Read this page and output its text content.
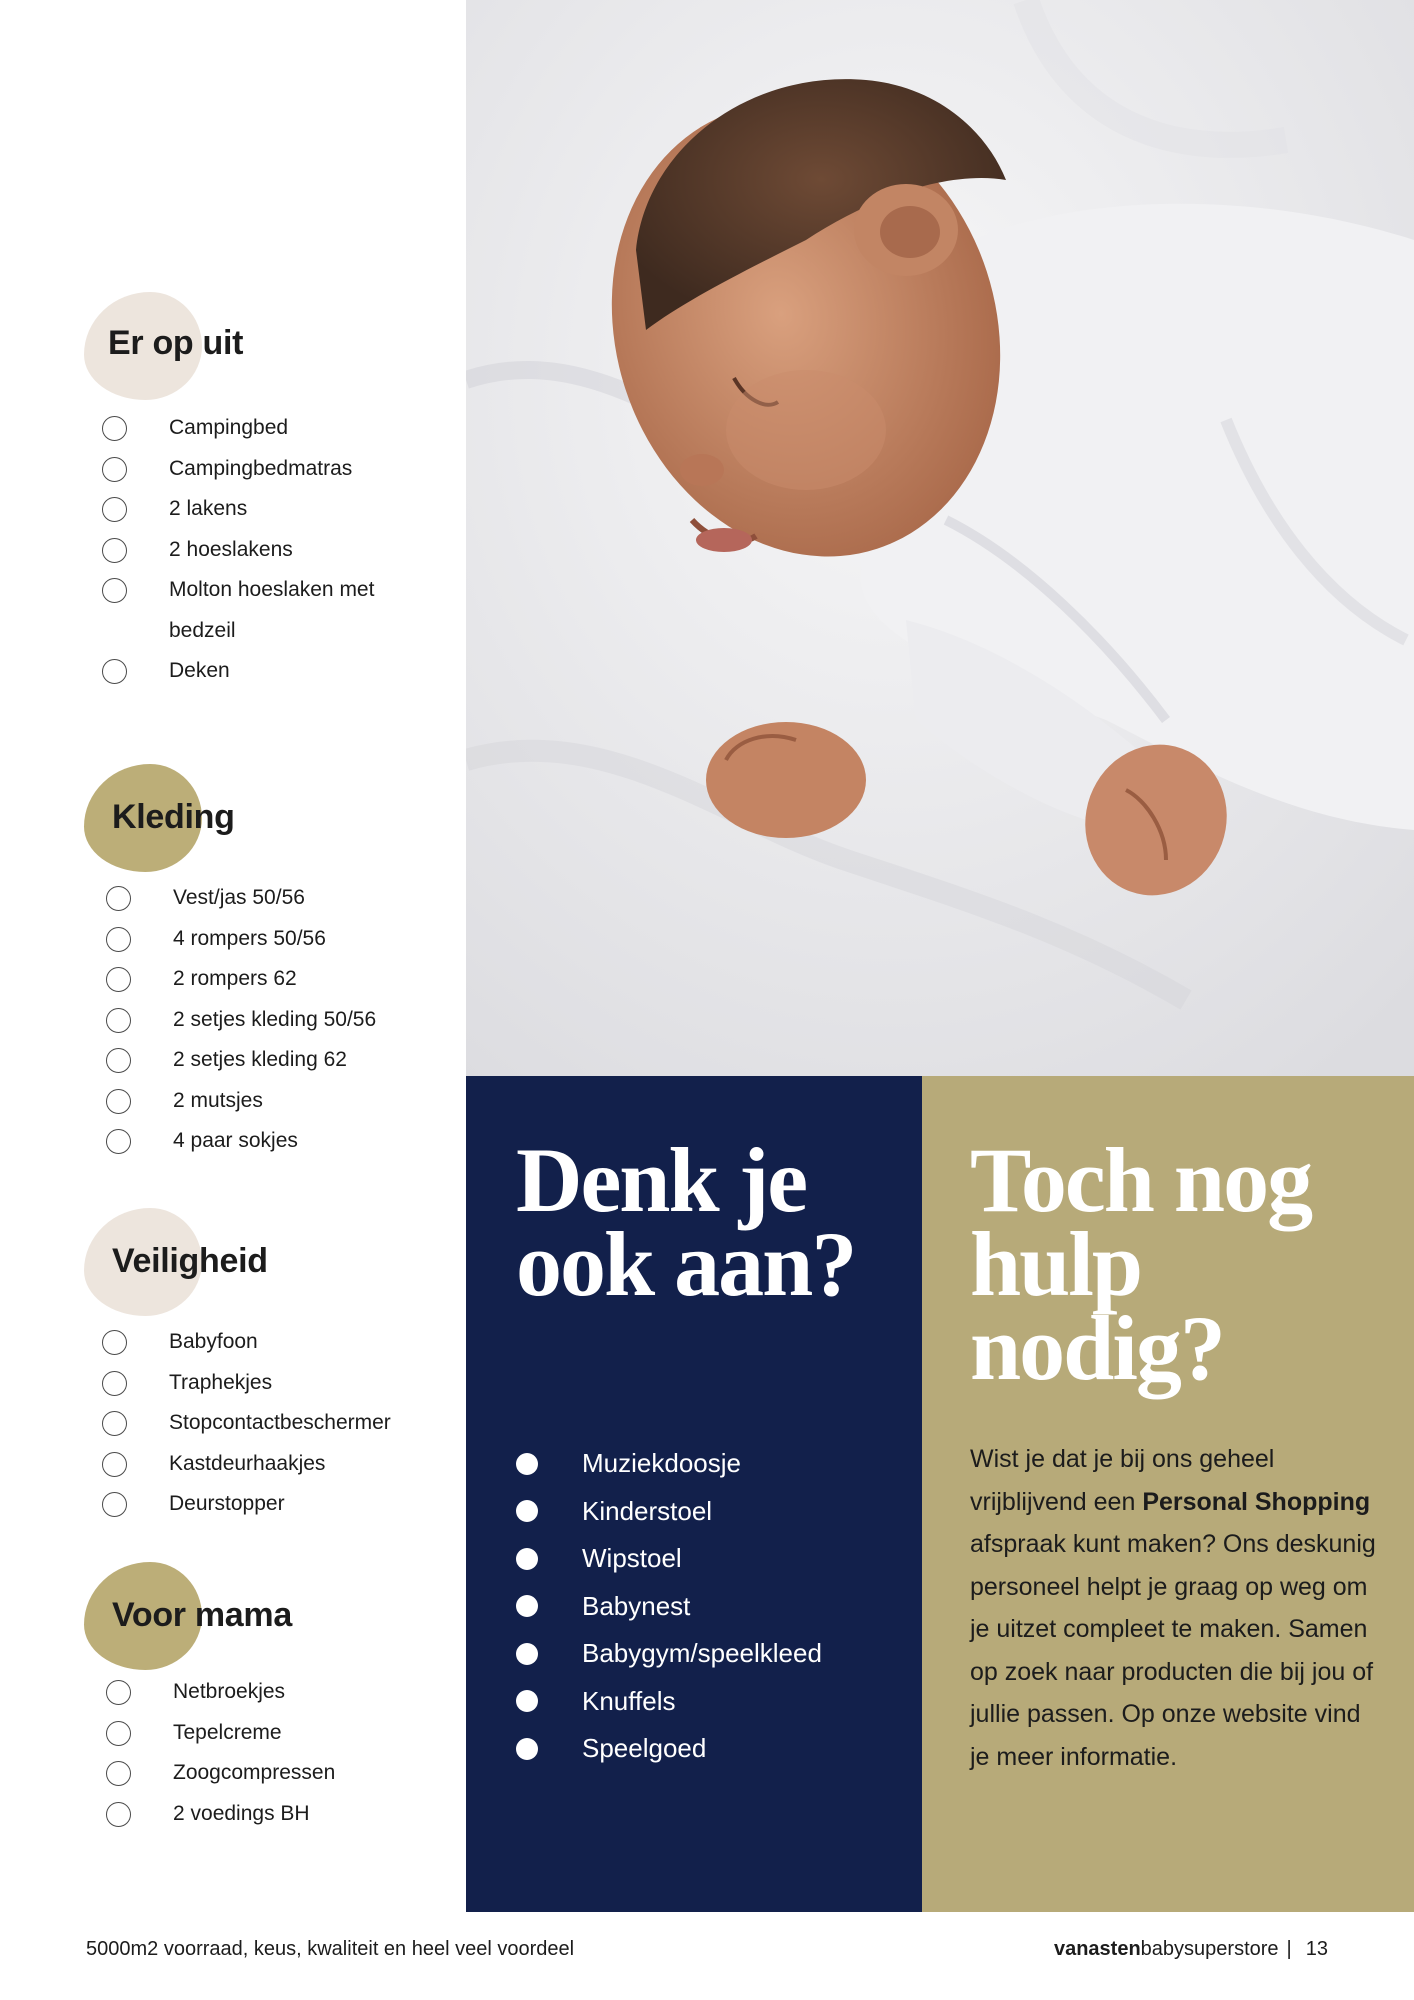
Er op uit
Campingbed
Campingbedmatras
2 lakens
2 hoeslakens
Molton hoeslaken met bedzeil
Deken
Kleding
Vest/jas 50/56
4 rompers 50/56
2 rompers 62
2 setjes kleding 50/56
2 setjes kleding 62
2 mutsjes
4 paar sokjes
Veiligheid
Babyfoon
Traphekjes
Stopcontactbeschermer
Kastdeurhaakjes
Deurstopper
Voor mama
Netbroekjes
Tepelcreme
Zoogcompressen
2 voedings BH
Denk je ook aan?
Muziekdoosje
Kinderstoel
Wipstoel
Babynest
Babygym/speelkleed
Knuffels
Speelgoed
Toch nog hulp nodig?

Wist je dat je bij ons geheel vrijblijvend een Personal Shopping afspraak kunt maken? Ons deskunig personeel helpt je graag op weg om je uitzet compleet te maken. Samen op zoek naar producten die bij jou of jullie passen. Op onze website vind je meer informatie.

5000m2 voorraad, keus, kwaliteit en heel veel voordeel	vanasten babysuperstore | 13
